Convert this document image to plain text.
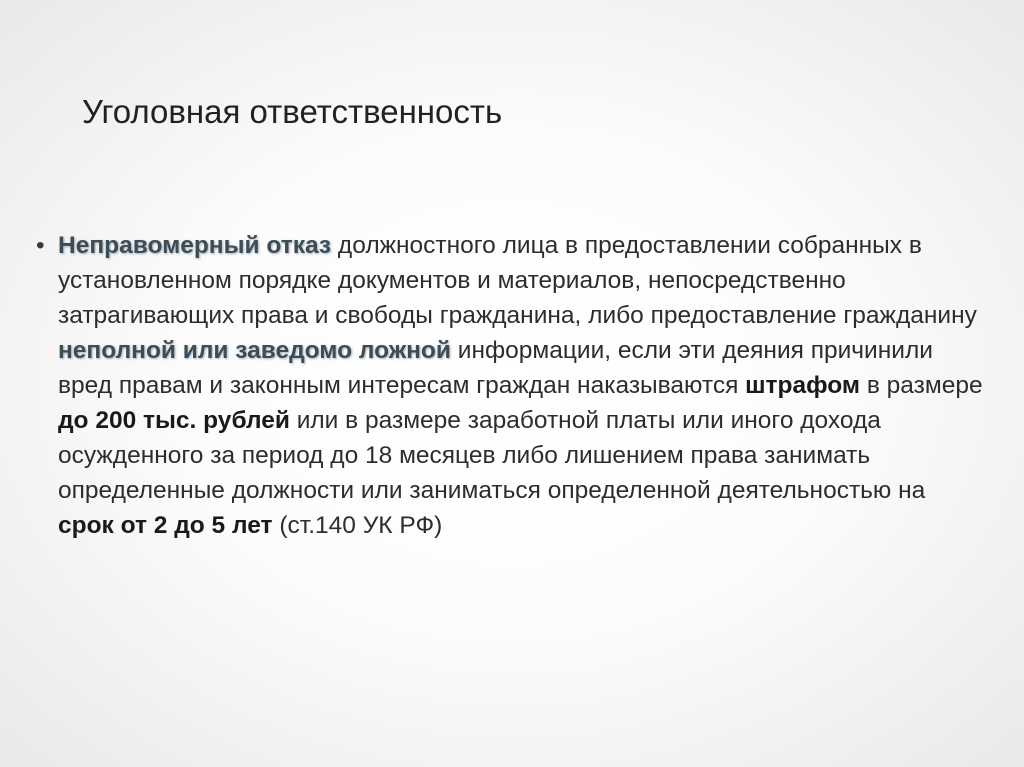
Уголовная ответственность
• Неправомерный отказ должностного лица в предоставлении собранных в установленном порядке документов и материалов, непосредственно затрагивающих права и свободы гражданина, либо предоставление гражданину неполной или заведомо ложной информации, если эти деяния причинили вред правам и законным интересам граждан наказываются штрафом в размере до 200 тыс. рублей или в размере заработной платы или иного дохода осужденного за период до 18 месяцев либо лишением права занимать определенные должности или заниматься определенной деятельностью на срок от 2 до 5 лет (ст.140 УК РФ)
